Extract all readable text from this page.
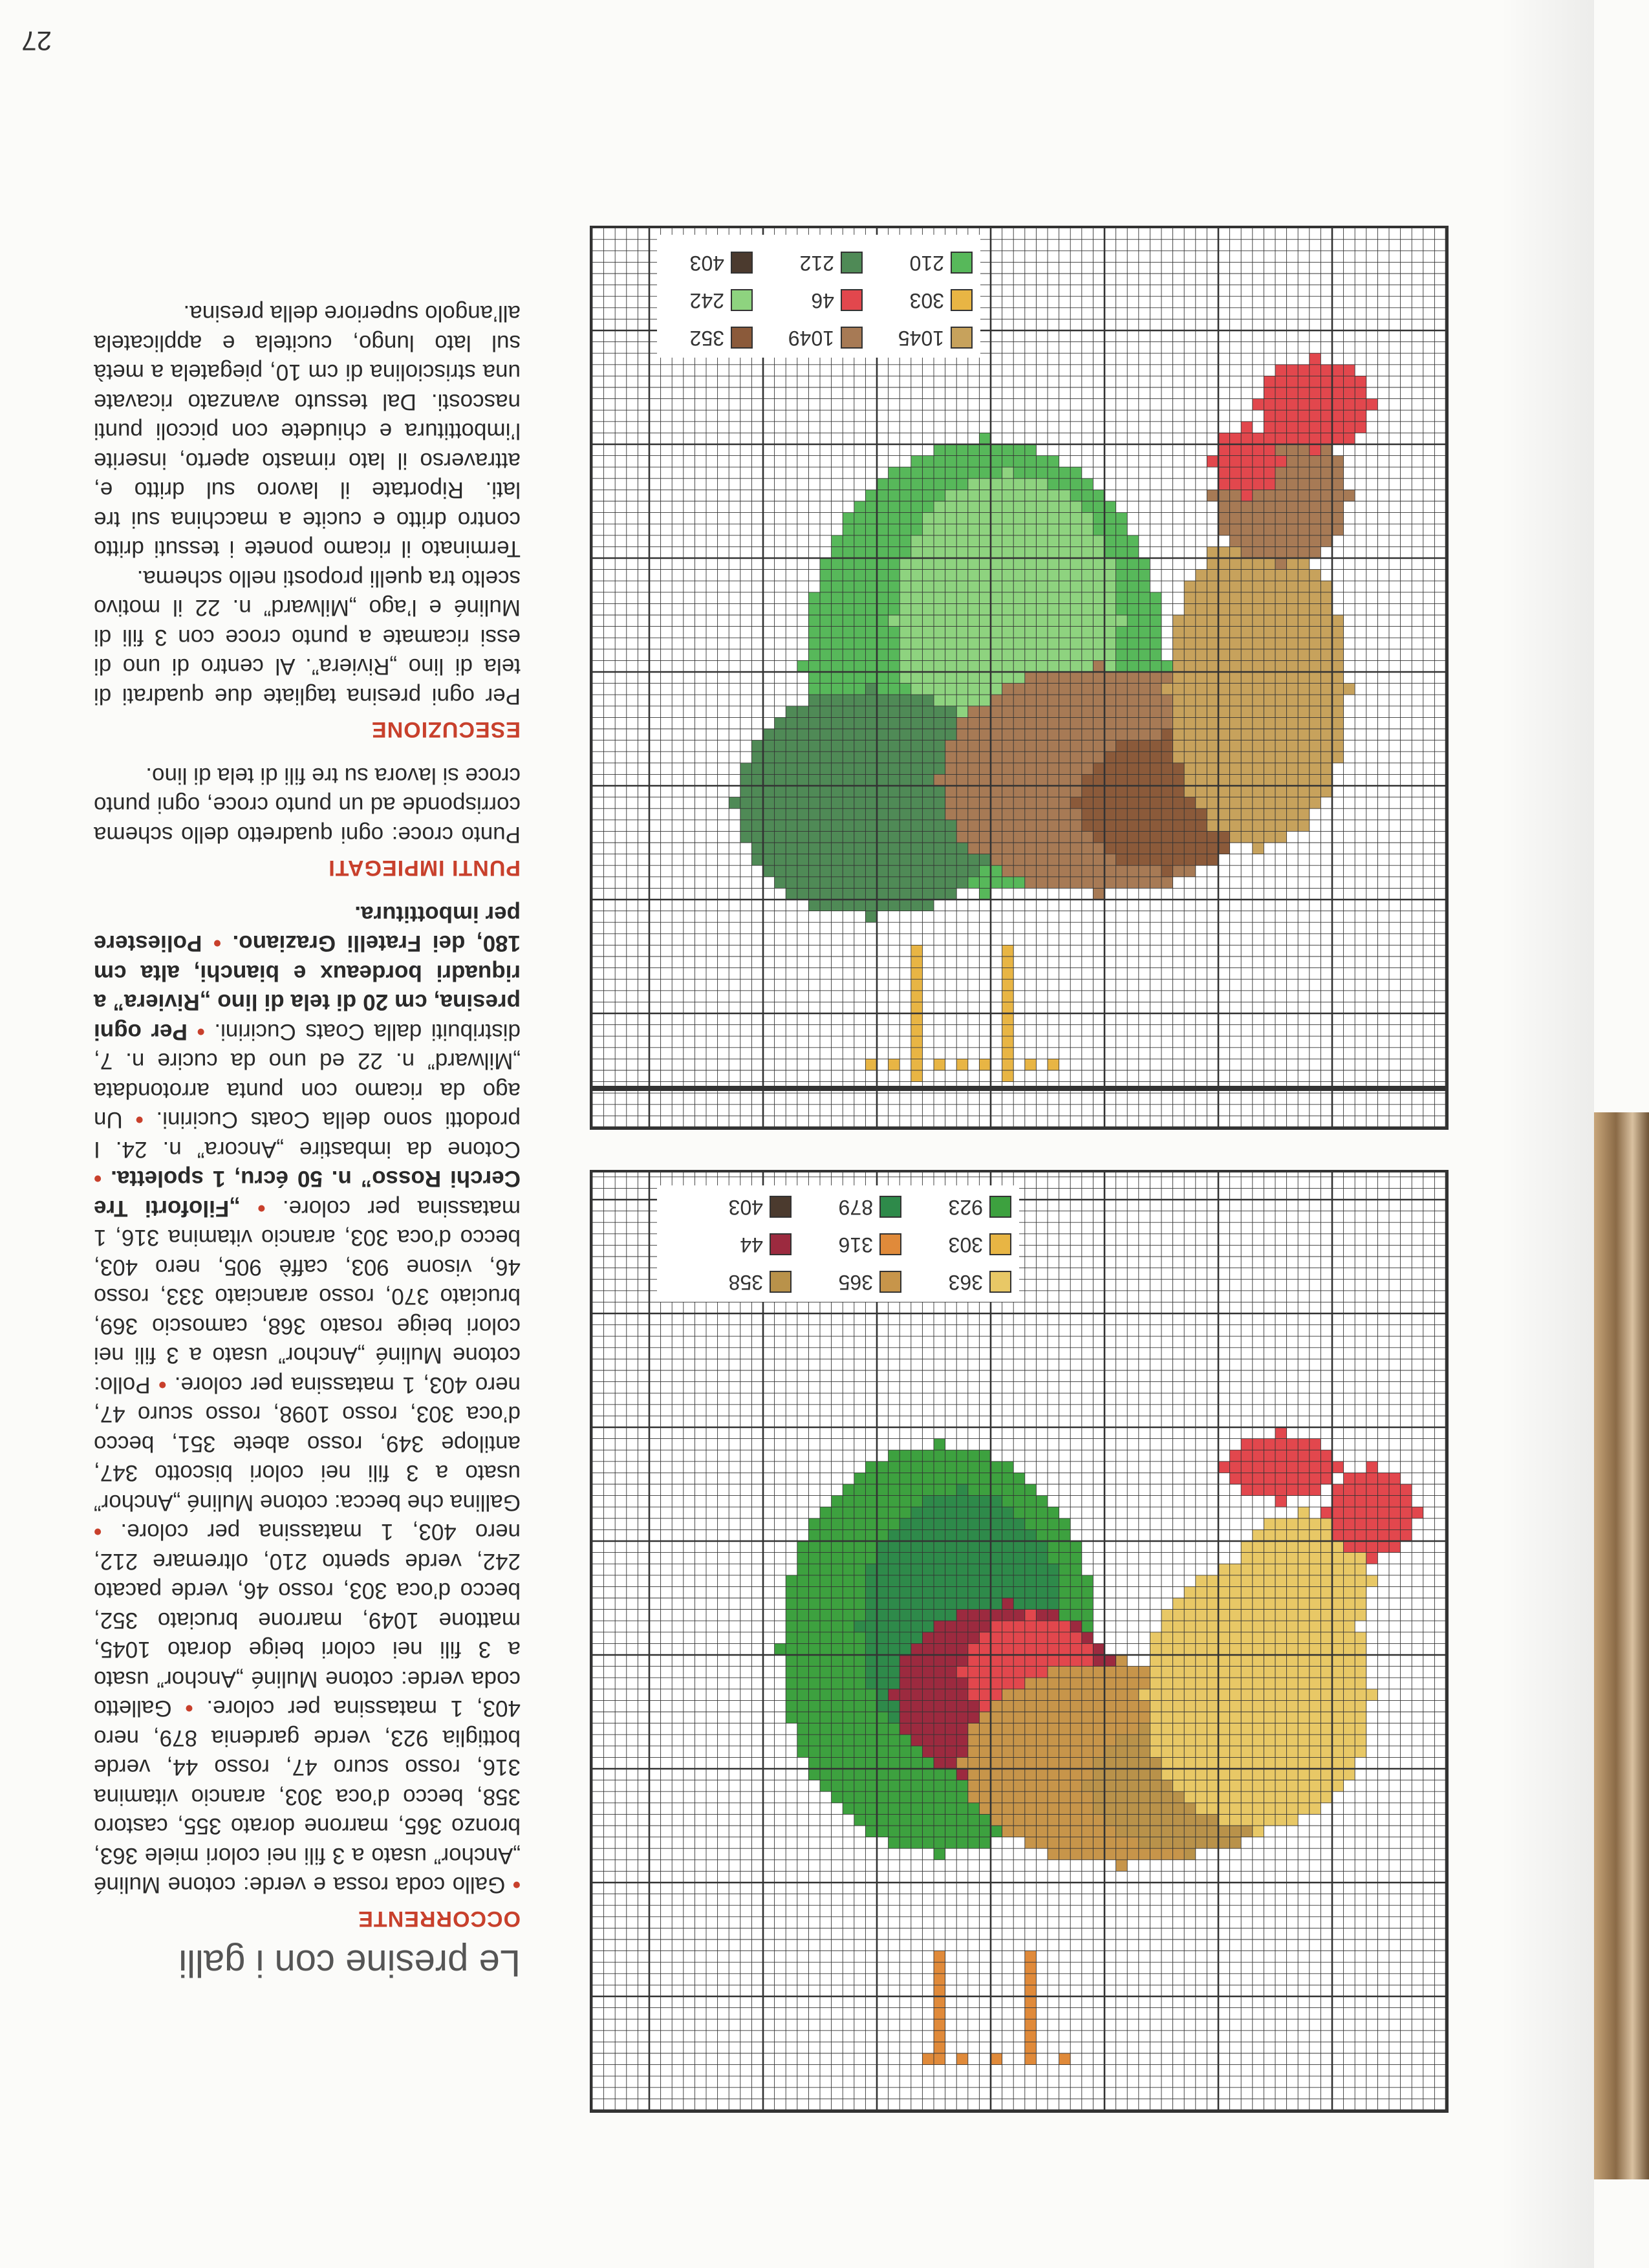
27
Le presine con i galli
OCCORRENTE

• Gallo coda rossa e verde: cotone Muliné „Anchor” usato a 3 fili nei colori miele 363, bronzo 365, marrone dorato 355, castoro 358, becco d’oca 303, arancio vitamina 316, rosso scuro 47, rosso 44, verde bottiglia 923, verde gardenia 879, nero 403, 1 matassina per colore. • Galletto coda verde: cotone Muliné „Anchor” usato a 3 fili nei colori beige dorato 1045, mattone 1049, marrone bruciato 352, becco d’oca 303, rosso 46, verde pacato 242, verde spento 210, oltremare 212, nero 403, 1 matassina per colore. • Gallina che becca: cotone Muliné „Anchor” usato a 3 fili nei colori biscotto 347, antilope 349, rosso abete 351, becco d’oca 303, rosso 1098, rosso scuro 47, nero 403, 1 matassina per colore. • Pollo: cotone Muliné „Anchor” usato a 3 fili nei colori beige rosato 368, camoscio 369, bruciato 370, rosso aranciato 333, rosso 46, visone 903, caffè 905, nero 403, becco d’oca 303, arancio vitamina 316, 1 matassina per colore. • „Filoforti Tre Cerchi Rosso” n. 50 écru, 1 spoletta. • Cotone da imbastire „Ancora” n. 24. I prodotti sono della Coats Cucirini. • Un ago da ricamo con punta arrotondata „Milward” n. 22 ed uno da cucire n. 7, distribuiti dalla Coats Cucirini. • Per ogni presina, cm 20 di tela di lino „Riviera” a riquadri bordeaux e bianchi, alta cm 180, dei Fratelli Graziano. • Poliestere per imbottitura.

PUNTI IMPIEGATI

Punto croce: ogni quadretto dello schema corrisponde ad un punto croce, ogni punto croce si lavora su tre fili di tela di lino.

ESECUZIONE

Per ogni presina tagliate due quadrati di tela di lino „Riviera”. Al centro di uno di essi ricamate a punto croce con 3 fili di Muliné e l’ago „Milward” n. 22 il motivo scelto tra quelli proposti nello schema.

Terminato il ricamo ponete i tessuti dritto contro dritto e cucite a macchina sui tre lati. Riportate il lavoro sul dritto e, attraverso il lato rimasto aperto, inserite l’imbottitura e chiudete con piccoli punti nascosti. Dal tessuto avanzato ricavate una strisciolina di cm 10, piegatela a metà sul lato lungo, cucitela e applicatela all’angolo superiore della presina.

1045
1049
352
303
46
242
210
212
403
363
365
358
303
316
44
923
879
403
